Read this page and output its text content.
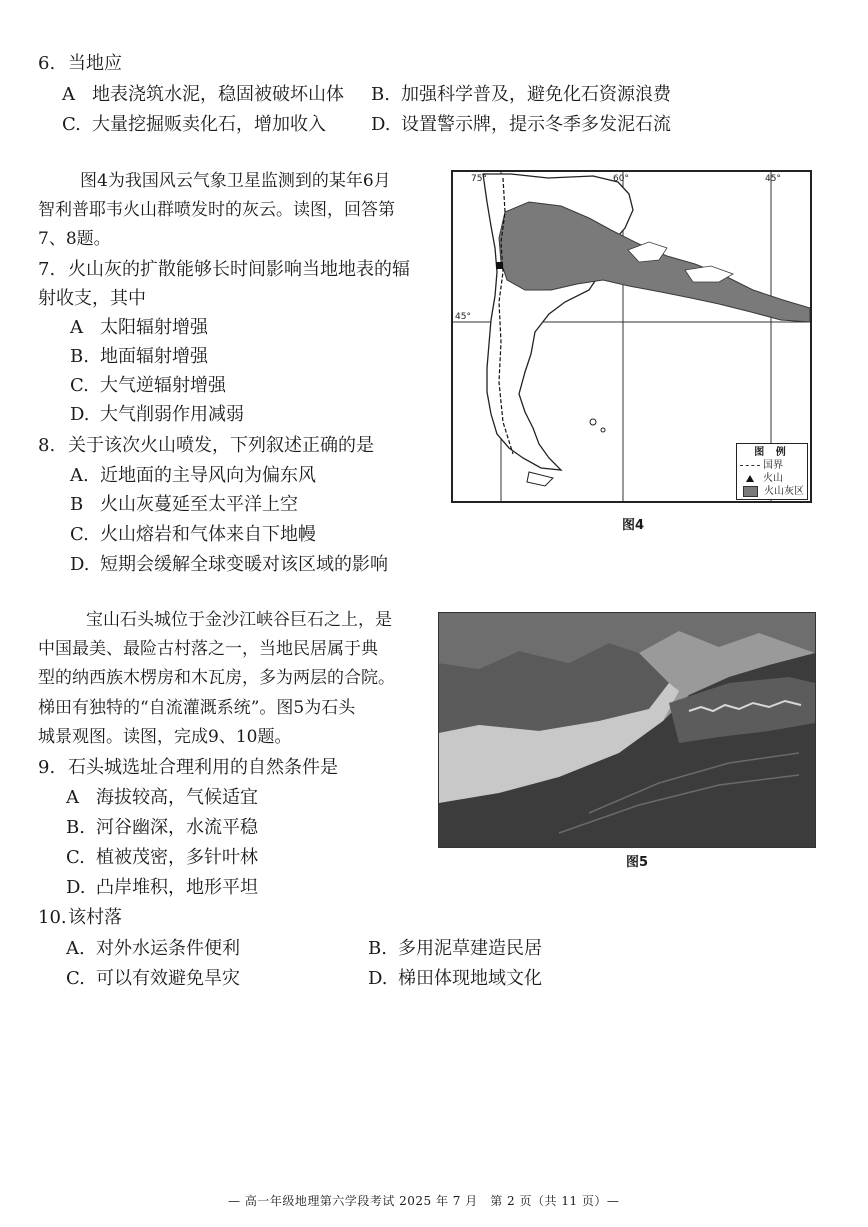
6. 当地应
A 地表浇筑水泥，稳固被破坏山体 B. 加强科学普及，避免化石资源浪费
C. 大量挖掘贩卖化石，增加收入	D. 设置警示牌，提示冬季多发泥石流
图4为我国风云气象卫星监测到的某年6月
智利普耶韦火山群喷发时的灰云。读图，回答第
7、8题。
7. 火山灰的扩散能够长时间影响当地地表的辐
射收支，其中
A 太阳辐射增强
B. 地面辐射增强
C. 大气逆辐射增强
D. 大气削弱作用减弱
8. 关于该次火山喷发，下列叙述正确的是
A. 近地面的主导风向为偏东风
B 火山灰蔓延至太平洋上空
C. 火山熔岩和气体来自下地幔
D. 短期会缓解全球变暖对该区域的影响
75°	60°	45°
45°
图 例
国界
火山
火山灰区
图4
宝山石头城位于金沙江峡谷巨石之上，是
中国最美、最险古村落之一，当地民居属于典
型的纳西族木楞房和木瓦房，多为两层的合院。
梯田有独特的“自流灌溉系统”。图5为石头
城景观图。读图，完成9、10题。
9. 石头城选址合理利用的自然条件是
A 海拔较高，气候适宜
B. 河谷幽深，水流平稳
C. 植被茂密，多针叶林
D. 凸岸堆积，地形平坦
图5
10.该村落
A. 对外水运条件便利	B. 多用泥草建造民居
C. 可以有效避免旱灾	D. 梯田体现地域文化
— 高一年级地理第六学段考试 2025 年 7 月　第 2 页（共 11 页）—
